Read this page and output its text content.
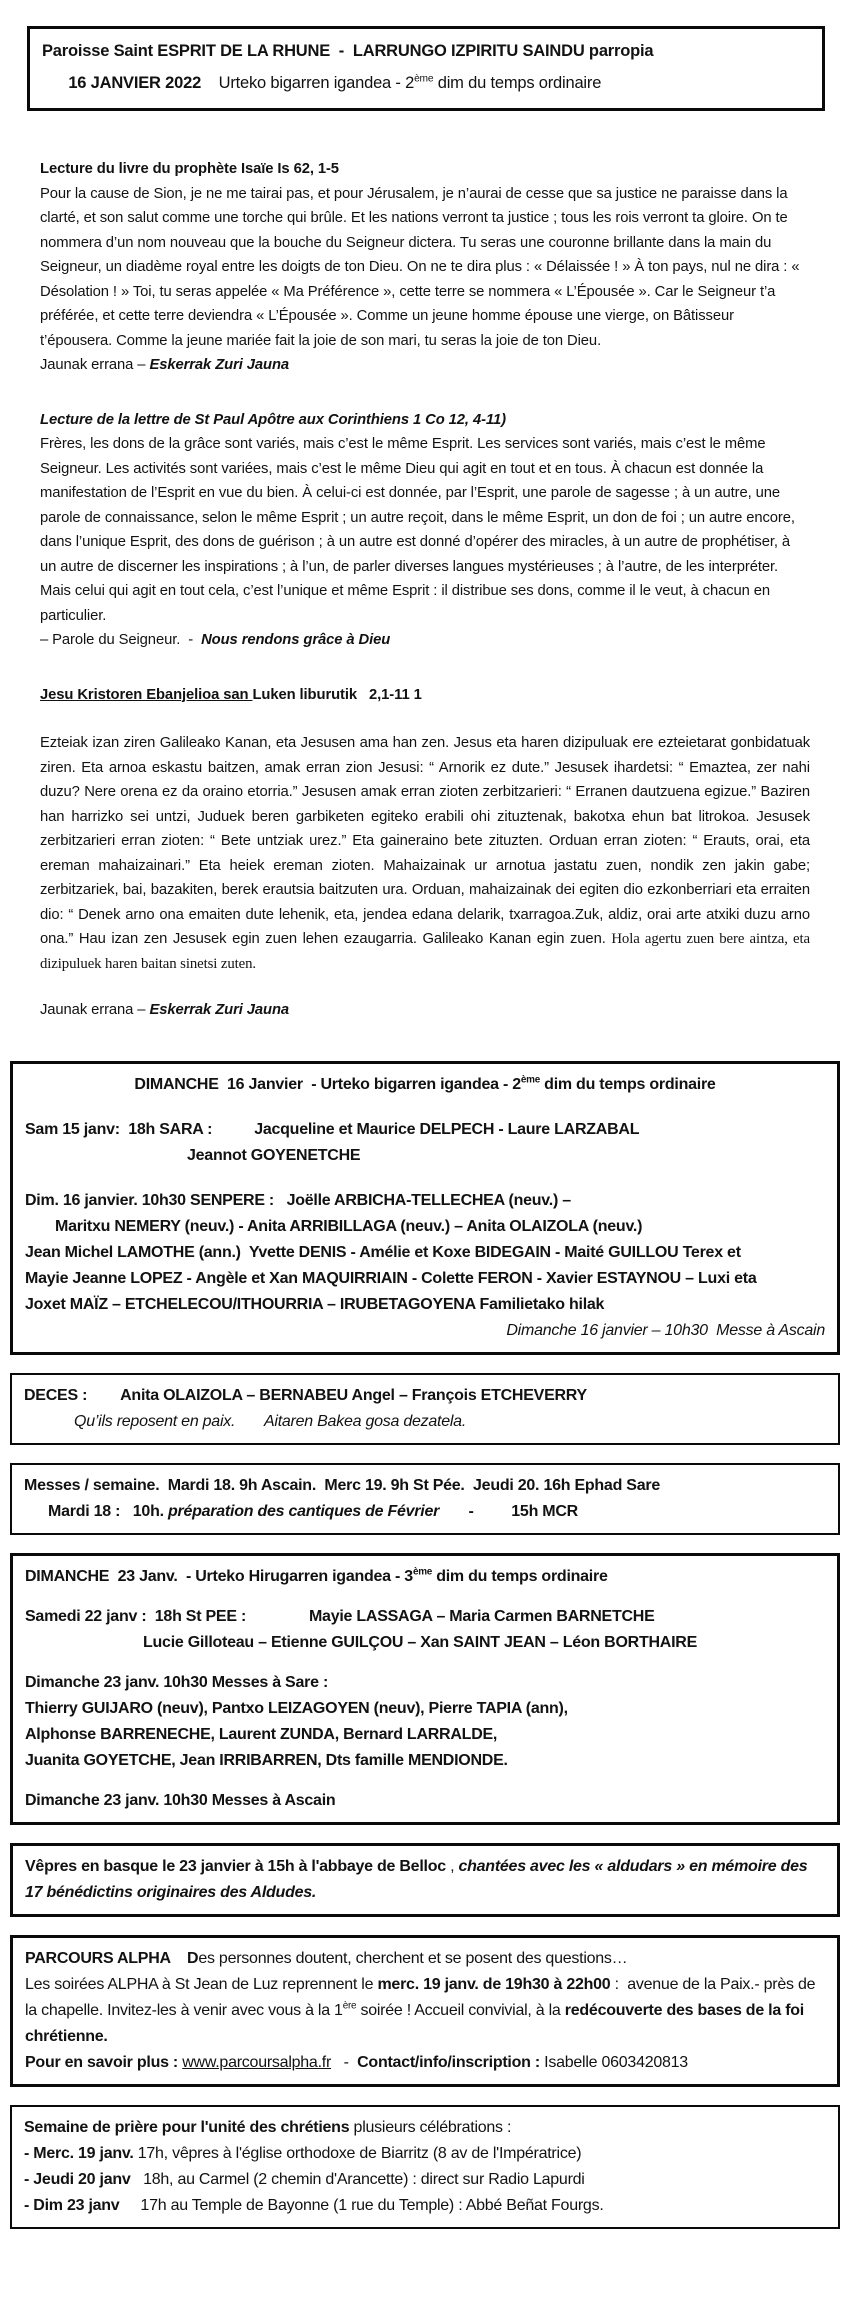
Paroisse Saint ESPRIT DE LA RHUNE  -  LARRUNGO IZPIRITU SAINDU parropia
16 JANVIER 2022    Urteko bigarren igandea - 2ème dim du temps ordinaire
Lecture du livre du prophète Isaïe Is 62, 1-5
Pour la cause de Sion, je ne me tairai pas, et pour Jérusalem, je n’aurai de cesse que sa justice ne paraisse dans la clarté, et son salut comme une torche qui brûle. Et les nations verront ta justice ; tous les rois verront ta gloire. On te nommera d’un nom nouveau que la bouche du Seigneur dictera. Tu seras une couronne brillante dans la main du Seigneur, un diadème royal entre les doigts de ton Dieu. On ne te dira plus : « Délaissée ! » À ton pays, nul ne dira : « Désolation ! » Toi, tu seras appelée « Ma Préférence », cette terre se nommera « L’Épousée ». Car le Seigneur t’a préférée, et cette terre deviendra « L’Épousée ». Comme un jeune homme épouse une vierge, on Bâtisseur t’épousera. Comme la jeune mariée fait la joie de son mari, tu seras la joie de ton Dieu.
Jaunak errana – Eskerrak Zuri Jauna
Lecture de la lettre de St Paul Apôtre aux Corinthiens 1 Co 12, 4-11)
Frères, les dons de la grâce sont variés, mais c’est le même Esprit. Les services sont variés, mais c’est le même Seigneur. Les activités sont variées, mais c’est le même Dieu qui agit en tout et en tous. À chacun est donnée la manifestation de l’Esprit en vue du bien. À celui-ci est donnée, par l’Esprit, une parole de sagesse ; à un autre, une parole de connaissance, selon le même Esprit ; un autre reçoit, dans le même Esprit, un don de foi ; un autre encore, dans l’unique Esprit, des dons de guérison ; à un autre est donné d’opérer des miracles, à un autre de prophétiser, à un autre de discerner les inspirations ; à l’un, de parler diverses langues mystérieuses ; à l’autre, de les interpréter. Mais celui qui agit en tout cela, c’est l’unique et même Esprit : il distribue ses dons, comme il le veut, à chacun en particulier.
– Parole du Seigneur.  -  Nous rendons grâce à Dieu
Jesu Kristoren Ebanjelioa san Luken liburutik   2,1-11 1
Ezteiak izan ziren Galileako Kanan, eta Jesusen ama han zen. Jesus eta haren dizipuluak ere ezteietarat gonbidatuak ziren. Eta arnoa eskastu baitzen, amak erran zion Jesusi: “ Arnorik ez dute.” Jesusek ihardetsi: “ Emaztea, zer nahi duzu? Nere orena ez da oraino etorria.” Jesusen amak erran zioten zerbitzarieri: “ Erranen dautzuena egizue.” Baziren han harrizko sei untzi, Juduek beren garbiketen egiteko erabili ohi zituztenak, bakotxa ehun bat litrokoa. Jesusek zerbitzarieri erran zioten: “ Bete untziak urez.” Eta gaineraino bete zituzten. Orduan erran zioten: “ Erauts, orai, eta ereman mahaizainari.” Eta heiek ereman zioten. Mahaizainak ur arnotua jastatu zuen, nondik zen jakin gabe; zerbitzariek, bai, bazakiten, berek erautsia baitzuten ura. Orduan, mahaizainak dei egiten dio ezkonberriari eta erraiten dio: “ Denek arno ona emaiten dute lehenik, eta, jendea edana delarik, txarragoa.Zuk, aldiz, orai arte atxiki duzu arno ona.” Hau izan zen Jesusek egin zuen lehen ezaugarria. Galileako Kanan egin zuen. Hola agertu zuen bere aintza, eta dizipuluek haren baitan sinetsi zuten.
Jaunak errana – Eskerrak Zuri Jauna
DIMANCHE  16 Janvier  - Urteko bigarren igandea - 2ème dim du temps ordinaire
Sam 15 janv:  18h SARA :          Jacqueline et Maurice DELPECH - Laure LARZABAL
Jeannot GOYENETCHE
Dim. 16 janvier. 10h30 SENPERE :   Joëlle ARBICHA-TELLECHEA (neuv.) –
Maritxu NEMERY (neuv.) - Anita ARRIBILLAGA (neuv.) – Anita OLAIZOLA (neuv.)
Jean Michel LAMOTHE (ann.)  Yvette DENIS - Amélie et Koxe BIDEGAIN - Maité GUILLOU Terex et
Mayie Jeanne LOPEZ - Angèle et Xan MAQUIRRIAIN - Colette FERON - Xavier ESTAYNOU – Luxi eta
Joxet MAÏZ – ETCHELECOU/ITHOURRIA – IRUBETAGOYENA Familietako hilak
Dimanche 16 janvier – 10h30  Messe à Ascain
DECES :        Anita OLAIZOLA – BERNABEU Angel – François ETCHEVERRY
Qu’ils reposent en paix.       Aitaren Bakea gosa dezatela.
Messes / semaine.  Mardi 18. 9h Ascain.  Merc 19. 9h St Pée.  Jeudi 20. 16h Ephad Sare
Mardi 18 :   10h. préparation des cantiques de Février       -         15h MCR
DIMANCHE  23 Janv.  - Urteko Hirugarren igandea - 3ème dim du temps ordinaire
Samedi 22 janv :  18h St PEE :               Mayie LASSAGA – Maria Carmen BARNETCHE
Lucie Gilloteau – Etienne GUILÇOU – Xan SAINT JEAN – Léon BORTHAIRE
Dimanche 23 janv. 10h30 Messes à Sare :
Thierry GUIJARO (neuv), Pantxo LEIZAGOYEN (neuv), Pierre TAPIA (ann),
Alphonse BARRENECHE, Laurent ZUNDA, Bernard LARRALDE,
Juanita GOYETCHE, Jean IRRIBARREN, Dts famille MENDIONDE.
Dimanche 23 janv. 10h30 Messes à Ascain
Vêpres en basque le 23 janvier à 15h à l'abbaye de Belloc , chantées avec les « aldudars » en mémoire des 17 bénédictins originaires des Aldudes.
PARCOURS ALPHA    Des personnes doutent, cherchent et se posent des questions…
Les soirées ALPHA à St Jean de Luz reprennent le merc. 19 janv. de 19h30 à 22h00 :  avenue de la Paix.- près de la chapelle. Invitez-les à venir avec vous à la 1ère soirée ! Accueil convivial, à la redécouverte des bases de la foi chrétienne.
Pour en savoir plus : www.parcoursalpha.fr   -  Contact/info/inscription : Isabelle 0603420813
Semaine de prière pour l'unité des chrétiens plusieurs célébrations :
- Merc. 19 janv. 17h, vêpres à l'église orthodoxe de Biarritz (8 av de l'Impératrice)
- Jeudi 20 janv   18h, au Carmel (2 chemin d'Arancette) : direct sur Radio Lapurdi
- Dim 23 janv     17h au Temple de Bayonne (1 rue du Temple) : Abbé Beñat Fourgs.
